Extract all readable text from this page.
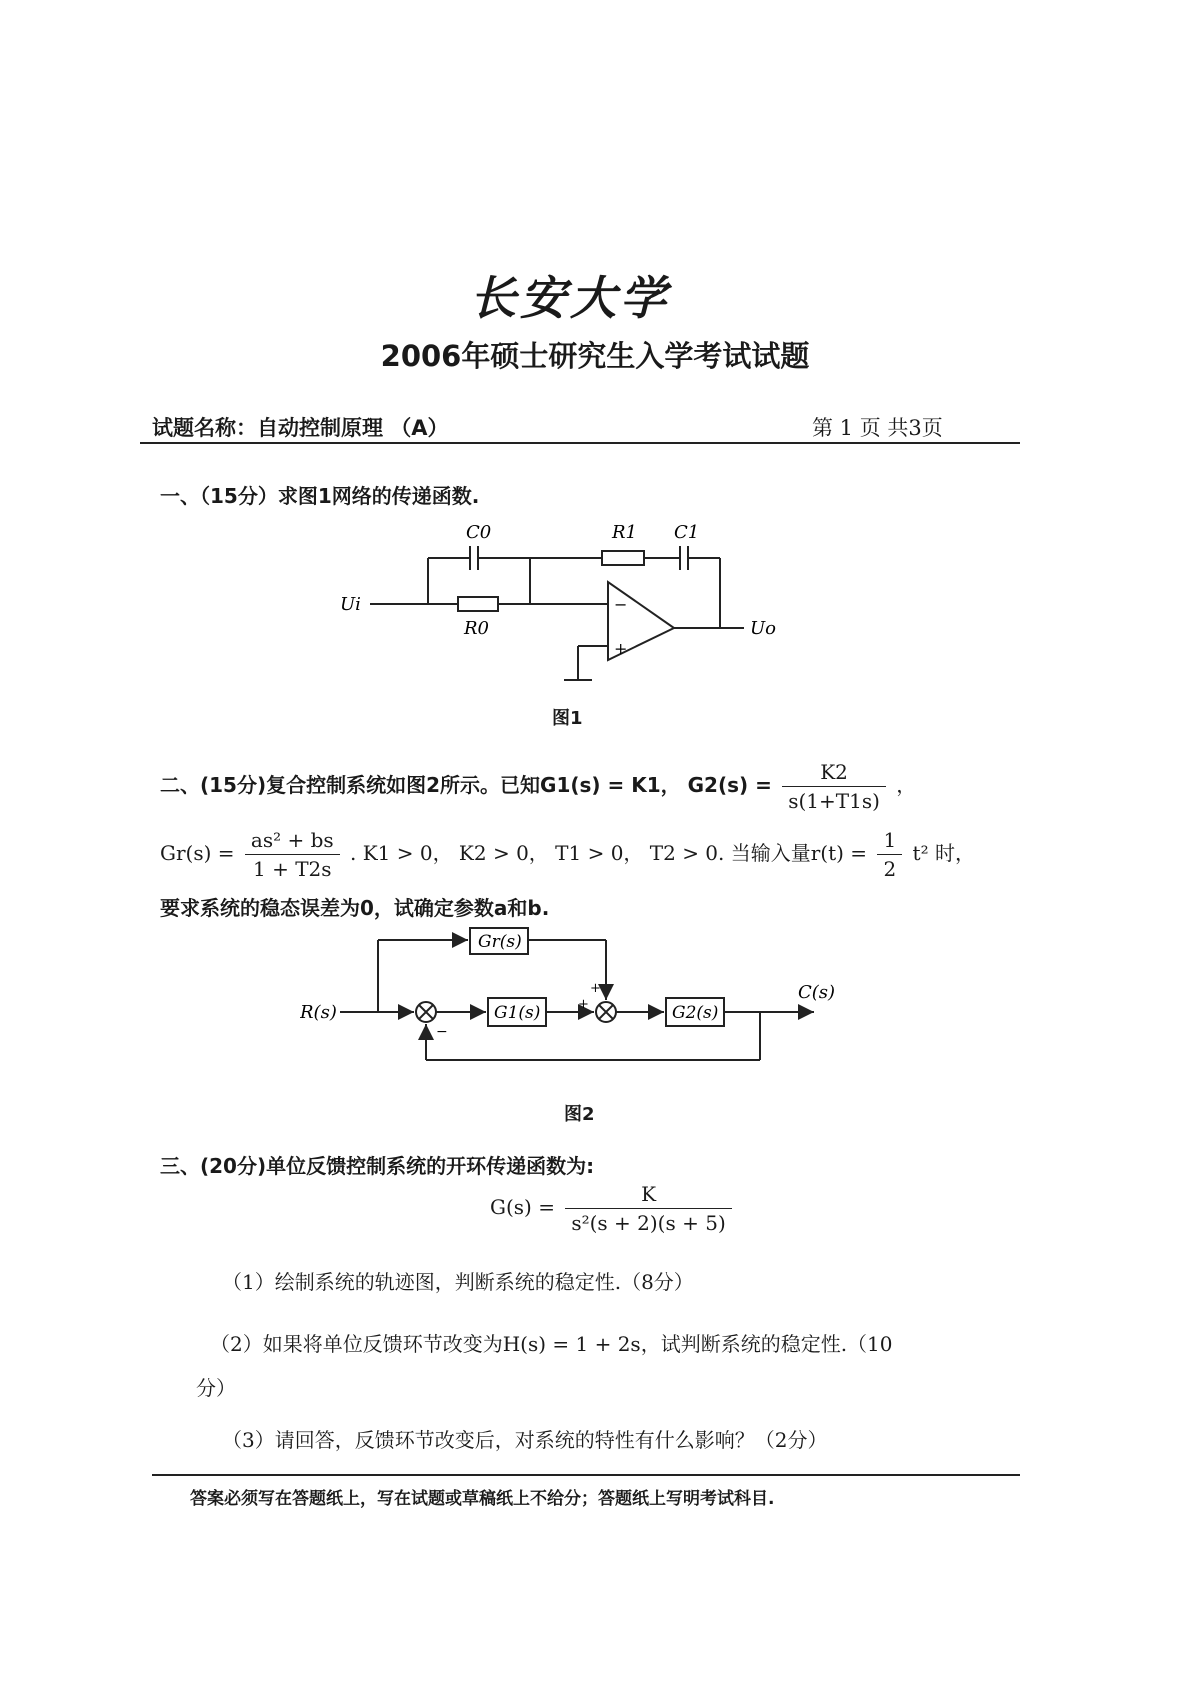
长安大学
2006年硕士研究生入学考试试题
试题名称：自动控制原理 （A）	第 1 页 共3页
一、（15分）求图1网络的传递函数.
C0	R1 C1
R0
Ui
Uo
−
+
图1
二、(15分)复合控制系统如图2所示。已知G1(s) = K1， $G2(s) = \frac{K2}{s(1+T1s)}$ ，
$Gr(s) = \frac{\text{as² + bs}}{1 + T2s}$ . K1 > 0， K2 > 0， T1 > 0， T2 > 0. 当输入量$r(t) = \frac{1}{2} t^2$ 时，
要求系统的稳态误差为0，试确定参数a和b.
Gr(s)
G1(s)	G2(s)
R(s)
C(s)
+
+
−
图2
三、(20分)单位反馈控制系统的开环传递函数为:
$G(s) = \frac{K}{\text{s²(s + 2)(s + 5)}}$
（1）绘制系统的轨迹图，判断系统的稳定性.（8分）
（2）如果将单位反馈环节改变为H(s) = 1 + 2s，试判断系统的稳定性.（10
分）
（3）请回答，反馈环节改变后，对系统的特性有什么影响？（2分）
答案必须写在答题纸上，写在试题或草稿纸上不给分；答题纸上写明考试科目.
